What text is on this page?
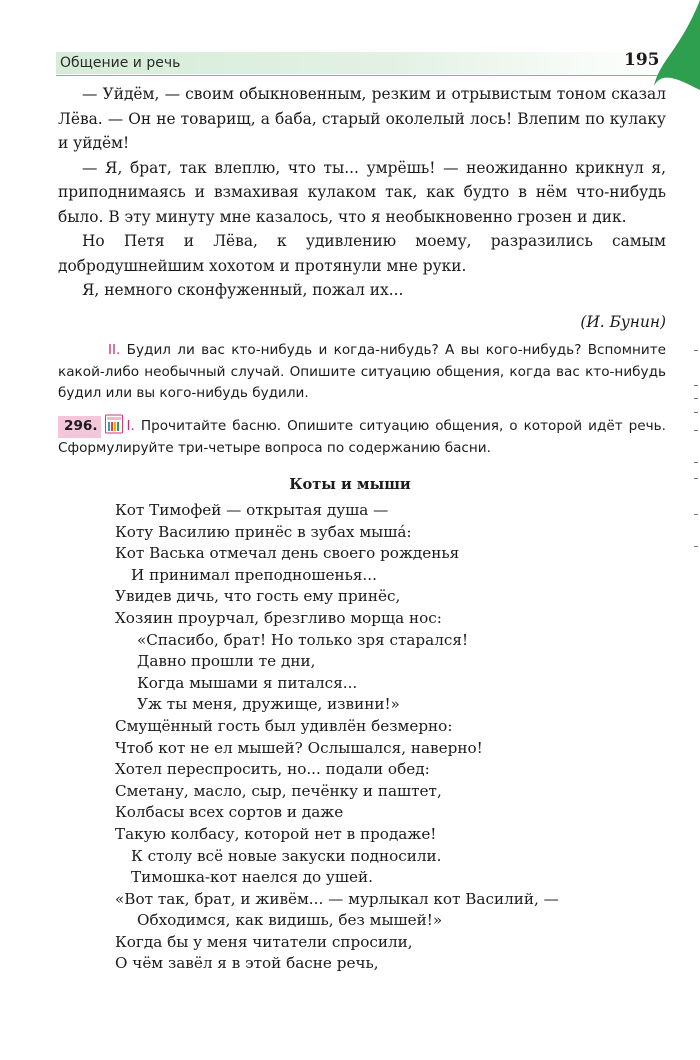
Общение и речь	195

— Уйдём, — своим обыкновенным, резким и отрывистым тоном сказал Лёва. — Он не товарищ, а баба, старый околелый лось! Влепим по кулаку и уйдём!

— Я, брат, так влеплю, что ты... умрёшь! — неожиданно крикнул я, приподнимаясь и взмахивая кулаком так, как будто в нём что-нибудь было. В эту минуту мне казалось, что я необыкновенно грозен и дик.

Но Петя и Лёва, к удивлению моему, разразились самым добродушнейшим хохотом и протянули мне руки.

Я, немного сконфуженный, пожал их...

(И. Бунин)
II. Будил ли вас кто-нибудь и когда-нибудь? А вы кого-нибудь? Вспомните какой-либо необычный случай. Опишите ситуацию общения, когда вас кто-нибудь будил или вы кого-нибудь будили.
296. I. Прочитайте басню. Опишите ситуацию общения, о которой идёт речь. Сформулируйте три-четыре вопроса по содержанию басни.
Коты и мыши
Кот Тимофей — открытая душа —
Коту Василию принёс в зубах мыша́:
Кот Васька отмечал день своего рожденья
И принимал преподношенья...
Увидев дичь, что гость ему принёс,
Хозяин проурчал, брезгливо морща нос:
«Спасибо, брат! Но только зря старался!
Давно прошли те дни,
Когда мышами я питался...
Уж ты меня, дружище, извини!»
Смущённый гость был удивлён безмерно:
Чтоб кот не ел мышей? Ослышался, наверно!
Хотел переспросить, но... подали обед:
Сметану, масло, сыр, печёнку и паштет,
Колбасы всех сортов и даже
Такую колбасу, которой нет в продаже!
К столу всё новые закуски подносили.
Тимошка-кот наелся до ушей.
«Вот так, брат, и живём... — мурлыкал кот Василий, —
Обходимся, как видишь, без мышей!»
Когда бы у меня читатели спросили,
О чём завёл я в этой басне речь,
